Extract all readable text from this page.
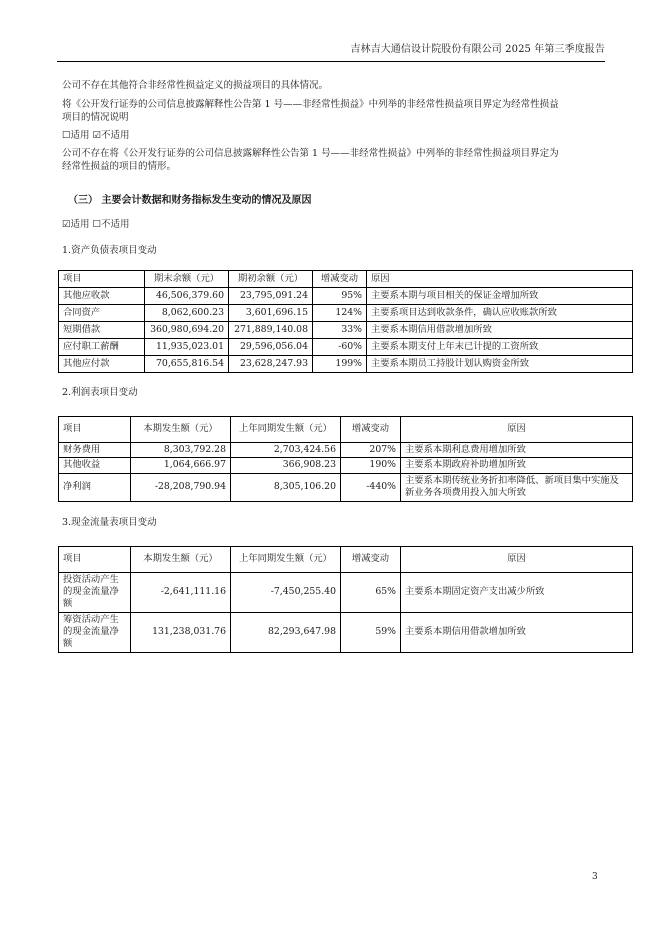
吉林吉大通信设计院股份有限公司 2025 年第三季度报告

公司不存在其他符合非经常性损益定义的损益项目的具体情况。

将《公开发行证券的公司信息披露解释性公告第 1 号——非经常性损益》中列举的非经常性损益项目界定为经常性损益
项目的情况说明

☐适用 ☑不适用

公司不存在将《公开发行证券的公司信息披露解释性公告第 1 号——非经常性损益》中列举的非经常性损益项目界定为
经常性损益的项目的情形。

（三） 主要会计数据和财务指标发生变动的情况及原因

☑适用 ☐不适用

1.资产负债表项目变动

项目	期末余额（元）	期初余额（元）	增减变动	原因
其他应收款	46,506,379.60	23,795,091.24	95%	主要系本期与项目相关的保证金增加所致
合同资产	8,062,600.23	3,601,696.15	124%	主要系项目达到收款条件，确认应收账款所致
短期借款	360,980,694.20	271,889,140.08	33%	主要系本期信用借款增加所致
应付职工薪酬	11,935,023.01	29,596,056.04	-60%	主要系本期支付上年末已计提的工资所致
其他应付款	70,655,816.54	23,628,247.93	199%	主要系本期员工持股计划认购资金所致

2.利润表项目变动

项目	本期发生额（元）	上年同期发生额（元）	增减变动	原因
财务费用	8,303,792.28	2,703,424.56	207%	主要系本期利息费用增加所致
其他收益	1,064,666.97	366,908.23	190%	主要系本期政府补助增加所致
净利润	-28,208,790.94	8,305,106.20	-440%	主要系本期传统业务折扣率降低、新项目集中实施及新业务各项费用投入加大所致

3.现金流量表项目变动

项目	本期发生额（元）	上年同期发生额（元）	增减变动	原因
投资活动产生的现金流量净额	-2,641,111.16	-7,450,255.40	65%	主要系本期固定资产支出减少所致
筹资活动产生的现金流量净额	131,238,031.76	82,293,647.98	59%	主要系本期信用借款增加所致
3
